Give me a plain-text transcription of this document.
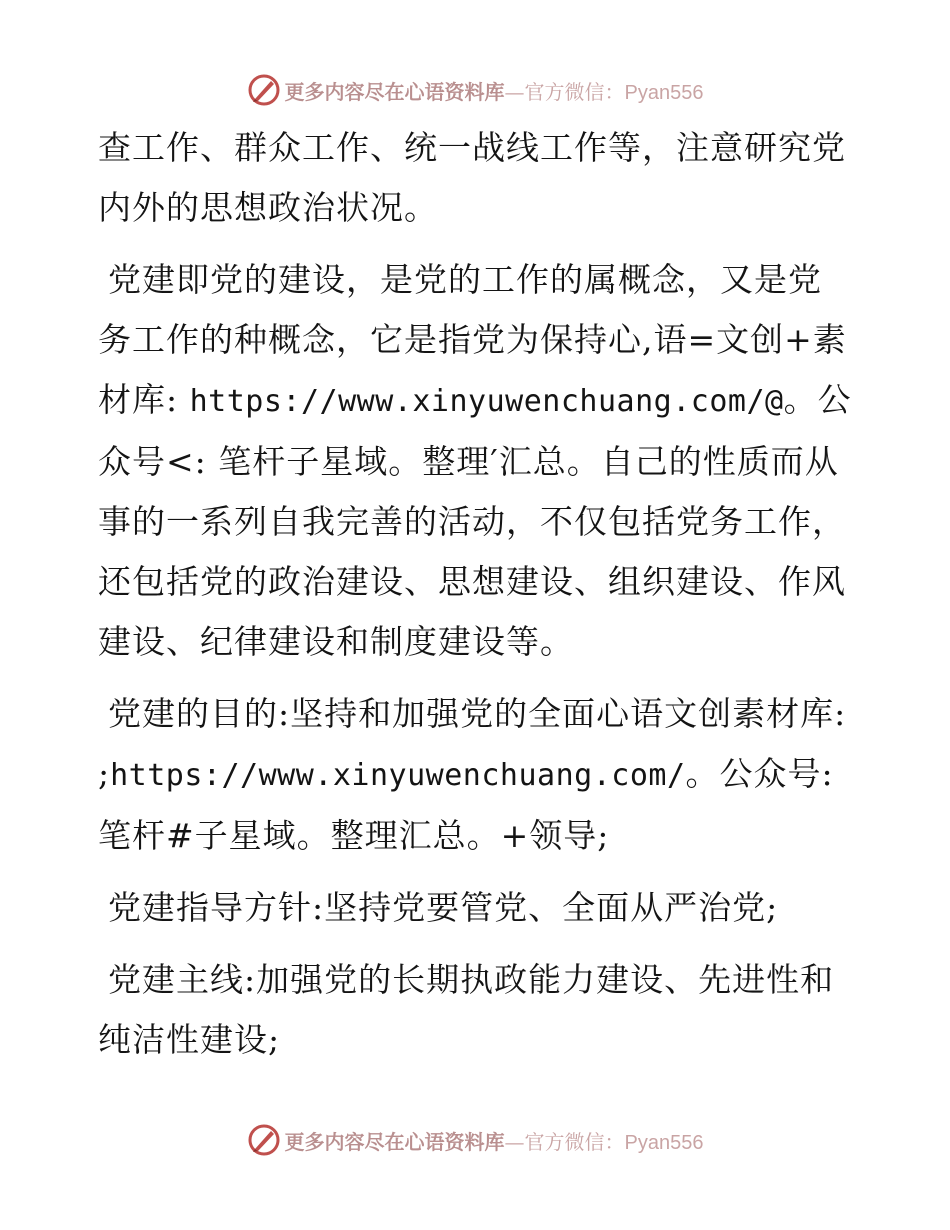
更多内容尽在心语资料库—官方微信：Pyan556

查工作、群众工作、统一战线工作等，注意研究党内外的思想政治状况。

党建即党的建设，是党的工作的属概念，又是党务工作的种概念，它是指党为保持心,语=文创+素材库: https://www.xinyuwenchuang.com/@。公众号<: 笔杆子星域。整理′汇总。自己的性质而从事的一系列自我完善的活动，不仅包括党务工作，还包括党的政治建设、思想建设、组织建设、作风建设、纪律建设和制度建设等。

党建的目的:坚持和加强党的全面心语文创素材库: ;https://www.xinyuwenchuang.com/。公众号: 笔杆#子星域。整理汇总。+领导;

党建指导方针:坚持党要管党、全面从严治党;

党建主线:加强党的长期执政能力建设、先进性和纯洁性建设;

更多内容尽在心语资料库—官方微信：Pyan556
